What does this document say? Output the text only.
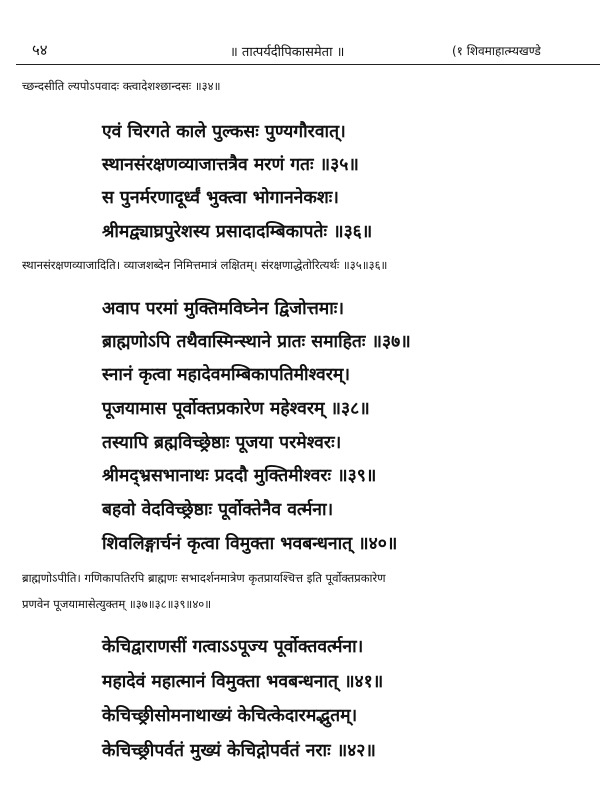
५४	॥ तात्पर्यदीपिकासमेता ॥	(१ शिवमाहात्म्यखण्डे
च्छन्दसीति ल्यपोऽपवादः क्त्वादेशश्छान्दसः ॥३४॥
एवं चिरगते काले पुल्कसः पुण्यगौरवात्।
स्थानसंरक्षणव्याजात्तत्रैव मरणं गतः ॥३५॥
स पुनर्मरणादूर्ध्वं भुक्त्वा भोगाननेकशः।
श्रीमद्व्याघ्रपुरेशस्य प्रसादादम्बिकापतेः ॥३६॥
स्थानसंरक्षणव्याजादिति। व्याजशब्देन निमित्तमात्रं लक्षितम्। संरक्षणाद्धेतोरित्यर्थः ॥३५॥३६॥
अवाप परमां मुक्तिमविघ्नेन द्विजोत्तमाः।
ब्राह्मणोऽपि तथैवास्मिन्स्थाने प्रातः समाहितः ॥३७॥
स्नानं कृत्वा महादेवमम्बिकापतिमीश्वरम्।
पूजयामास पूर्वोक्तप्रकारेण महेश्वरम् ॥३८॥
तस्यापि ब्रह्मविच्छ्रेष्ठाः पूजया परमेश्वरः।
श्रीमद्भ्रसभानाथः प्रददौ मुक्तिमीश्वरः ॥३९॥
बहवो वेदविच्छ्रेष्ठाः पूर्वोक्तेनैव वर्त्मना।
शिवलिङ्गार्चनं कृत्वा विमुक्ता भवबन्धनात् ॥४०॥
ब्राह्मणोऽपीति। गणिकापतिरपि ब्राह्मणः सभादर्शनमात्रेण कृतप्रायश्चित्त इति पूर्वोक्तप्रकारेण
प्रणवेन पूजयामासेत्युक्तम् ॥३७॥३८॥३९॥४०॥
केचिद्वाराणसीं गत्वाऽऽपूज्य पूर्वोक्तवर्त्मना।
महादेवं महात्मानं विमुक्ता भवबन्धनात् ॥४१॥
केचिच्छ्रीसोमनाथाख्यं केचित्केदारमद्भुतम्।
केचिच्छ्रीपर्वतं मुख्यं केचिद्गोपर्वतं नराः ॥४२॥
